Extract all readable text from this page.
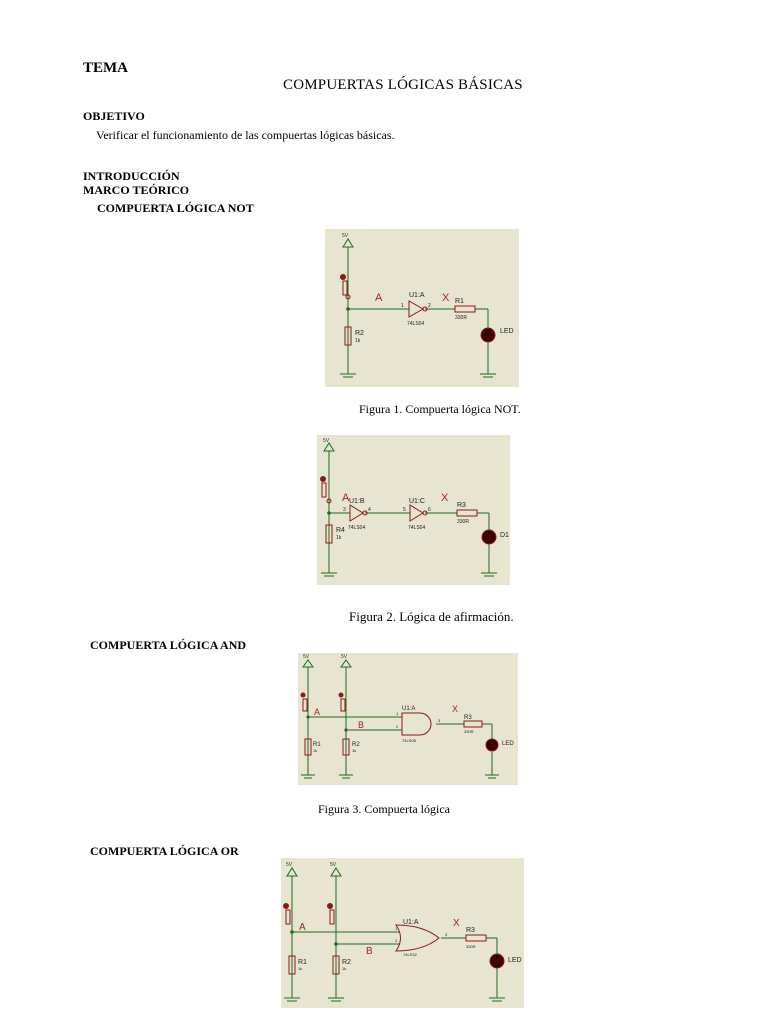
TEMA
COMPUERTAS LÓGICAS BÁSICAS
OBJETIVO
Verificar el funcionamiento de las compuertas lógicas básicas.
INTRODUCCIÓN
MARCO TEÓRICO
COMPUERTA LÓGICA NOT
5V
A	X
U1:A
74LS04
1	2
R2
1k
R1
330R
LED
Figura 1. Compuerta lógica NOT.
5V
A	X
U1:B
74LS04
U1:C
74LS04
3	4	5	6
R4
1k
R3
330R
D1
Figura 2. Lógica de afirmación.
COMPUERTA LÓGICA AND
5V	5V
A
B
X
U1:A
74LS08
1
2
3
R1
1k
R2
1k
R3
330R
LED
Figura 3. Compuerta lógica
COMPUERTA LÓGICA OR
5V	5V
A
B
X
U1:A
74LS32
1
2
3
R1
1k
R2
1k
R3
330R
LED
